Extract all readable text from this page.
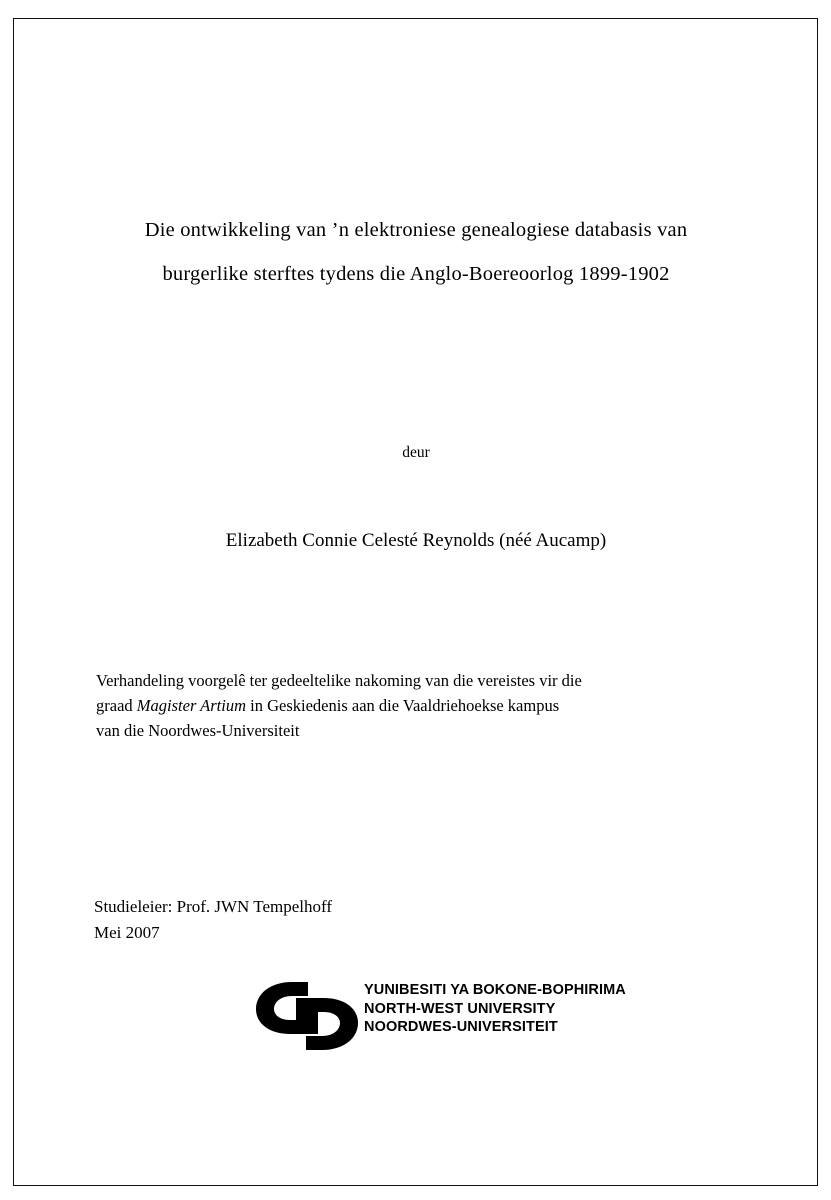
Die ontwikkeling van ’n elektroniese genealogiese databasis van
burgerlike sterftes tydens die Anglo-Boereoorlog 1899-1902
deur
Elizabeth Connie Celesté Reynolds (néé Aucamp)

Verhandeling voorgelê ter gedeeltelike nakoming van die vereistes vir die

graad Magister Artium in Geskiedenis aan die Vaaldriehoekse kampus

van die Noordwes-Universiteit

Studieleier: Prof. JWN Tempelhoff
Mei 2007
YUNIBESITI YA BOKONE-BOPHIRIMA
NORTH-WEST UNIVERSITY
NOORDWES-UNIVERSITEIT
